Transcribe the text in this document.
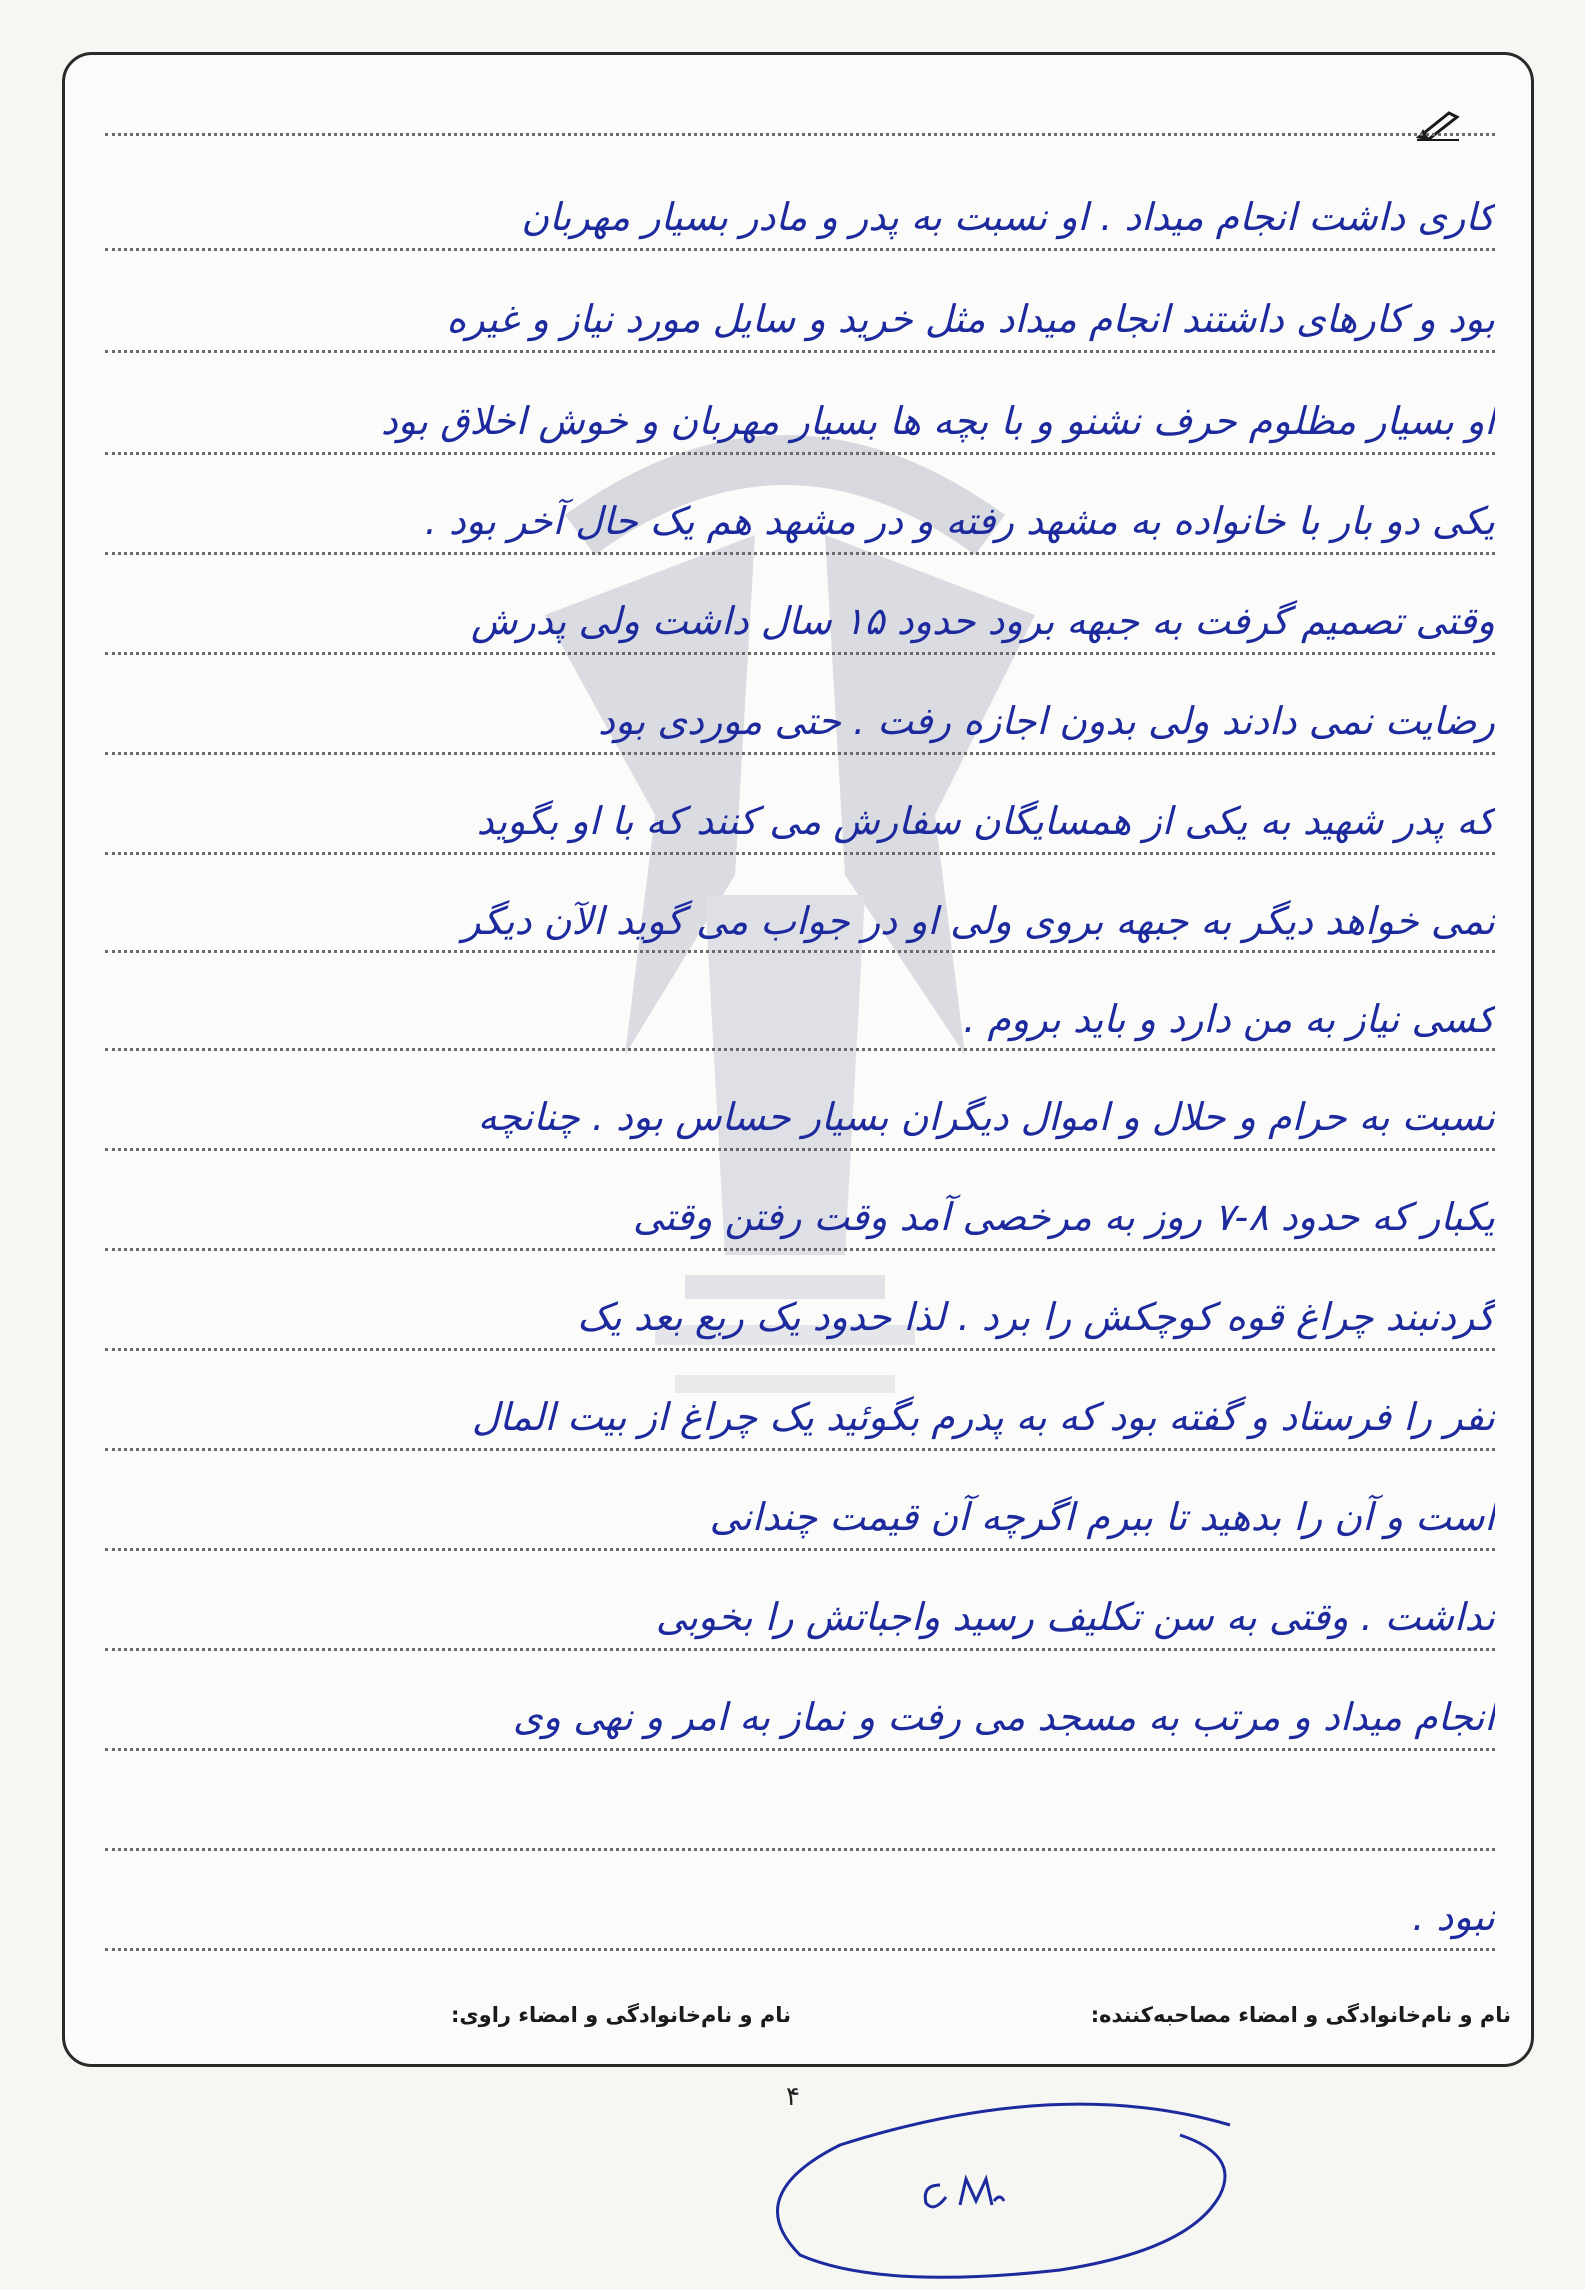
کاری داشت انجام میداد . او نسبت به پدر و مادر بسیار مهربان
بود و کارهای داشتند انجام میداد مثل خرید و سایل مورد نیاز و غیره
او بسیار مظلوم حرف نشنو و با بچه ها بسیار مهربان و خوش اخلاق بود
یکی دو بار با خانواده به مشهد رفته و در مشهد هم یک حال آخر بود .
وقتی تصمیم گرفت به جبهه برود حدود ۱۵ سال داشت ولی پدرش
رضایت نمی دادند ولی بدون اجازه رفت . حتی موردی بود
که پدر شهید به یکی از همسایگان سفارش می کنند که با او بگوید
نمی خواهد دیگر به جبهه بروی ولی او در جواب می گوید الآن دیگر
کسی نیاز به من دارد و باید بروم .
نسبت به حرام و حلال و اموال دیگران بسیار حساس بود . چنانچه
یکبار که حدود ۸-۷ روز به مرخصی آمد وقت رفتن وقتی
گردنبند چراغ قوه کوچکش را برد . لذا حدود یک ربع بعد یک
نفر را فرستاد و گفته بود که به پدرم بگوئید یک چراغ از بیت المال
است و آن را بدهید تا ببرم اگرچه آن قیمت چندانی
نداشت . وقتی به سن تکلیف رسید واجباتش را بخوبی
انجام میداد و مرتب به مسجد می رفت و نماز به امر و نهی وی
نبود .
نام و نام‌خانوادگی و امضاء مصاحبه‌کننده:
نام و نام‌خانوادگی و امضاء راوی:
۴
